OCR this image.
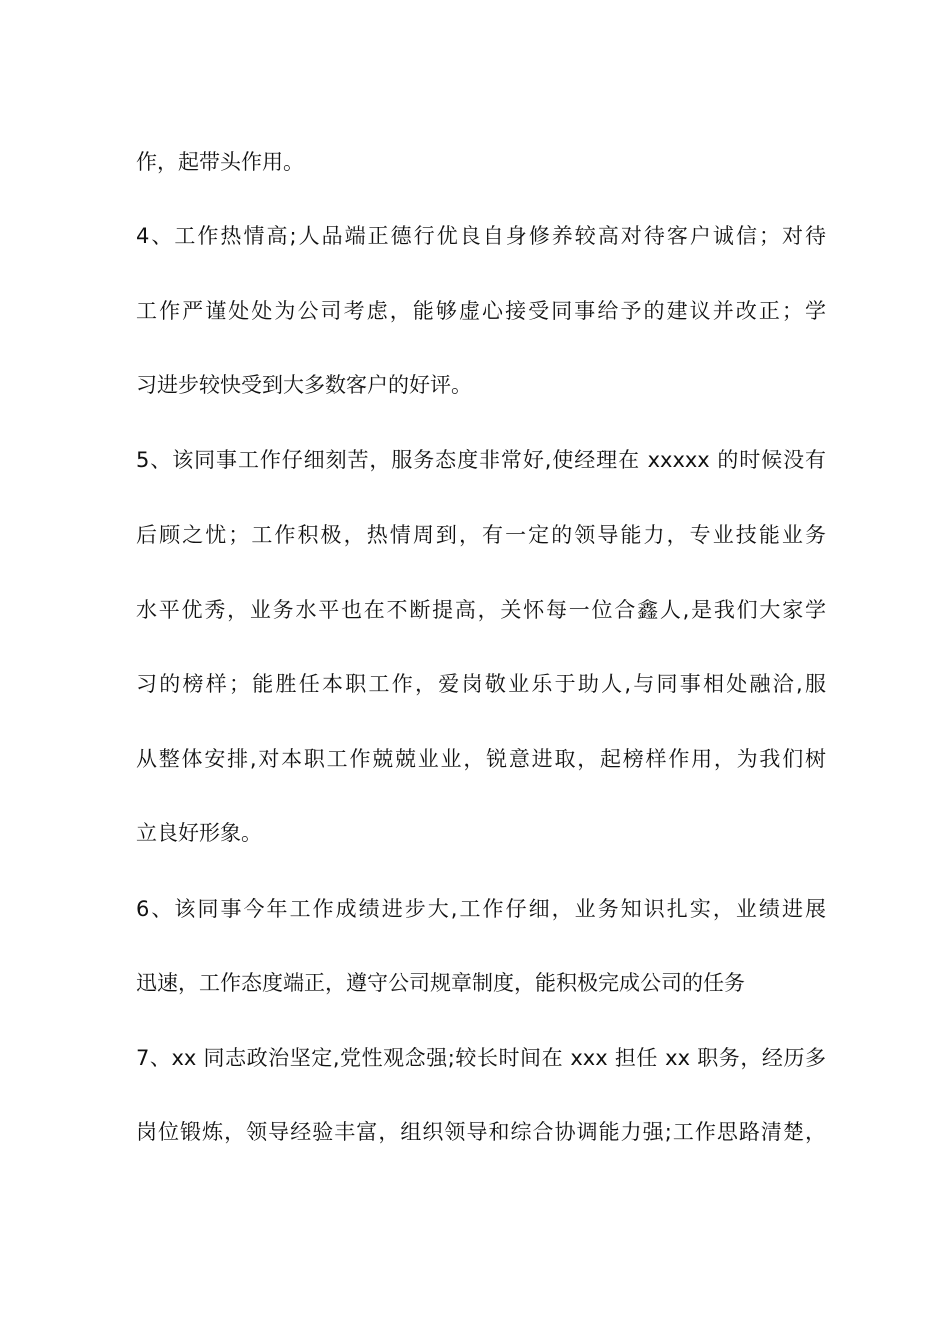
作，起带头作用。
4、工作热情高;人品端正德行优良自身修养较高对待客户诚信；对待
工作严谨处处为公司考虑，能够虚心接受同事给予的建议并改正；学
习进步较快受到大多数客户的好评。
5、该同事工作仔细刻苦，服务态度非常好,使经理在 xxxxx 的时候没有
后顾之忧；工作积极，热情周到，有一定的领导能力，专业技能业务
水平优秀，业务水平也在不断提高，关怀每一位合鑫人,是我们大家学
习的榜样；能胜任本职工作，爱岗敬业乐于助人,与同事相处融洽,服
从整体安排,对本职工作兢兢业业，锐意进取，起榜样作用，为我们树
立良好形象。
6、该同事今年工作成绩进步大,工作仔细，业务知识扎实，业绩进展
迅速，工作态度端正，遵守公司规章制度，能积极完成公司的任务
7、xx 同志政治坚定,党性观念强;较长时间在 xxx 担任 xx 职务，经历多
岗位锻炼，领导经验丰富，组织领导和综合协调能力强;工作思路清楚，
